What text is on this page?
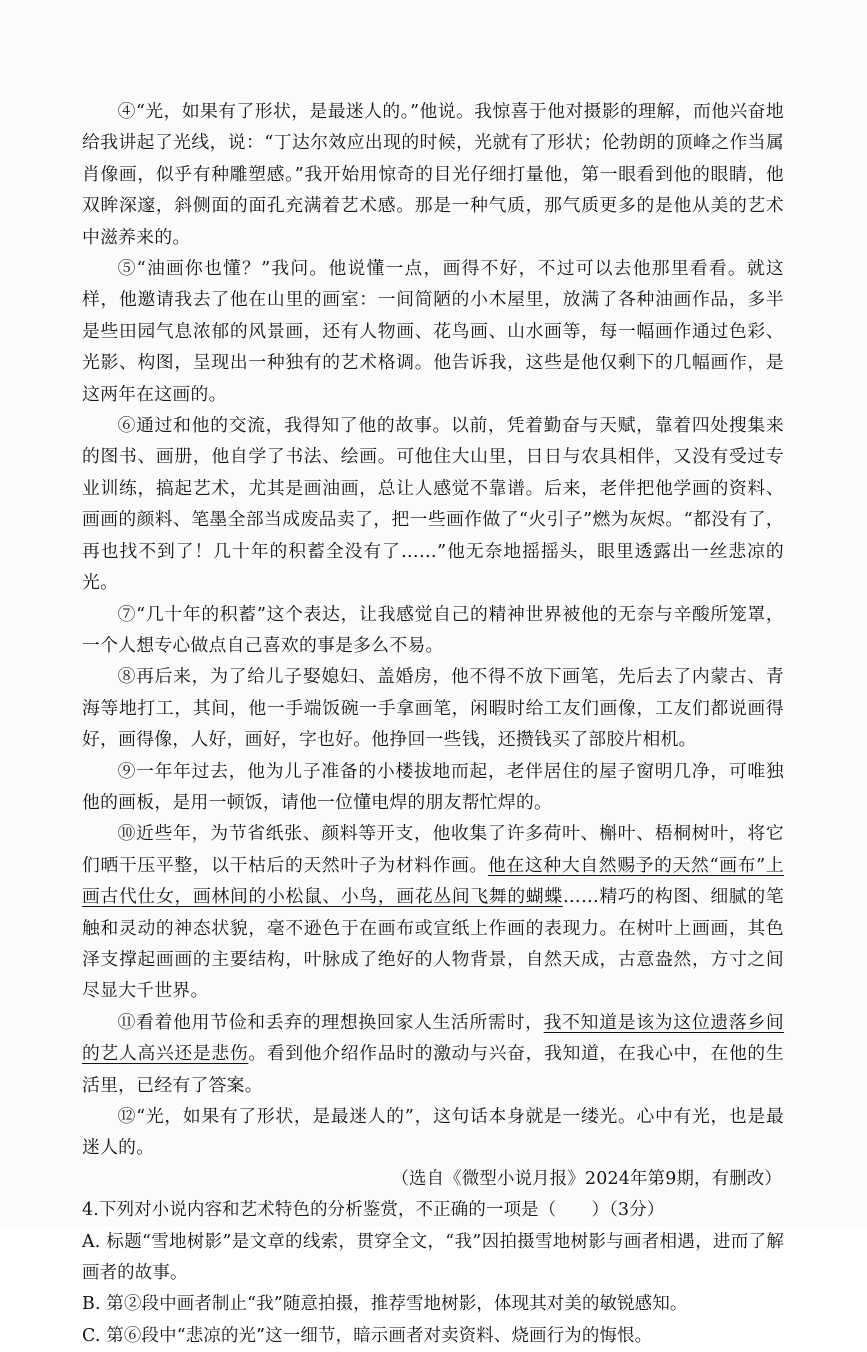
④“光，如果有了形状，是最迷人的。”他说。我惊喜于他对摄影的理解，而他兴奋地给我讲起了光线，说：“丁达尔效应出现的时候，光就有了形状；伦勃朗的顶峰之作当属肖像画，似乎有种雕塑感。”我开始用惊奇的目光仔细打量他，第一眼看到他的眼睛，他双眸深邃，斜侧面的面孔充满着艺术感。那是一种气质，那气质更多的是他从美的艺术中滋养来的。

⑤“油画你也懂？”我问。他说懂一点，画得不好，不过可以去他那里看看。就这样，他邀请我去了他在山里的画室：一间简陋的小木屋里，放满了各种油画作品，多半是些田园气息浓郁的风景画，还有人物画、花鸟画、山水画等，每一幅画作通过色彩、光影、构图，呈现出一种独有的艺术格调。他告诉我，这些是他仅剩下的几幅画作，是这两年在这画的。

⑥通过和他的交流，我得知了他的故事。以前，凭着勤奋与天赋，靠着四处搜集来的图书、画册，他自学了书法、绘画。可他住大山里，日日与农具相伴，又没有受过专业训练，搞起艺术，尤其是画油画，总让人感觉不靠谱。后来，老伴把他学画的资料、画画的颜料、笔墨全部当成废品卖了，把一些画作做了“火引子”燃为灰烬。“都没有了，再也找不到了！几十年的积蓄全没有了……”他无奈地摇摇头，眼里透露出一丝悲凉的光。

⑦“几十年的积蓄”这个表达，让我感觉自己的精神世界被他的无奈与辛酸所笼罩，一个人想专心做点自己喜欢的事是多么不易。

⑧再后来，为了给儿子娶媳妇、盖婚房，他不得不放下画笔，先后去了内蒙古、青海等地打工，其间，他一手端饭碗一手拿画笔，闲暇时给工友们画像，工友们都说画得好，画得像，人好，画好，字也好。他挣回一些钱，还攒钱买了部胶片相机。

⑨一年年过去，他为儿子准备的小楼拔地而起，老伴居住的屋子窗明几净，可唯独他的画板，是用一顿饭，请他一位懂电焊的朋友帮忙焊的。

⑩近些年，为节省纸张、颜料等开支，他收集了许多荷叶、槲叶、梧桐树叶，将它们晒干压平整，以干枯后的天然叶子为材料作画。他在这种大自然赐予的天然“画布”上画古代仕女，画林间的小松鼠、小鸟，画花丛间飞舞的蝴蝶……精巧的构图、细腻的笔触和灵动的神态状貌，毫不逊色于在画布或宣纸上作画的表现力。在树叶上画画，其色泽支撑起画画的主要结构，叶脉成了绝好的人物背景，自然天成，古意盎然，方寸之间尽显大千世界。

⑪看着他用节俭和丢弃的理想换回家人生活所需时，我不知道是该为这位遗落乡间的艺人高兴还是悲伤。看到他介绍作品时的激动与兴奋，我知道，在我心中，在他的生活里，已经有了答案。

⑫“光，如果有了形状，是最迷人的”，这句话本身就是一缕光。心中有光，也是最迷人的。

（选自《微型小说月报》2024年第9期，有删改）

4.下列对小说内容和艺术特色的分析鉴赏，不正确的一项是（　　）（3分）

A. 标题“雪地树影”是文章的线索，贯穿全文，“我”因拍摄雪地树影与画者相遇，进而了解画者的故事。

B. 第②段中画者制止“我”随意拍摄，推荐雪地树影，体现其对美的敏锐感知。

C. 第⑥段中“悲凉的光”这一细节，暗示画者对卖资料、烧画行为的悔恨。
